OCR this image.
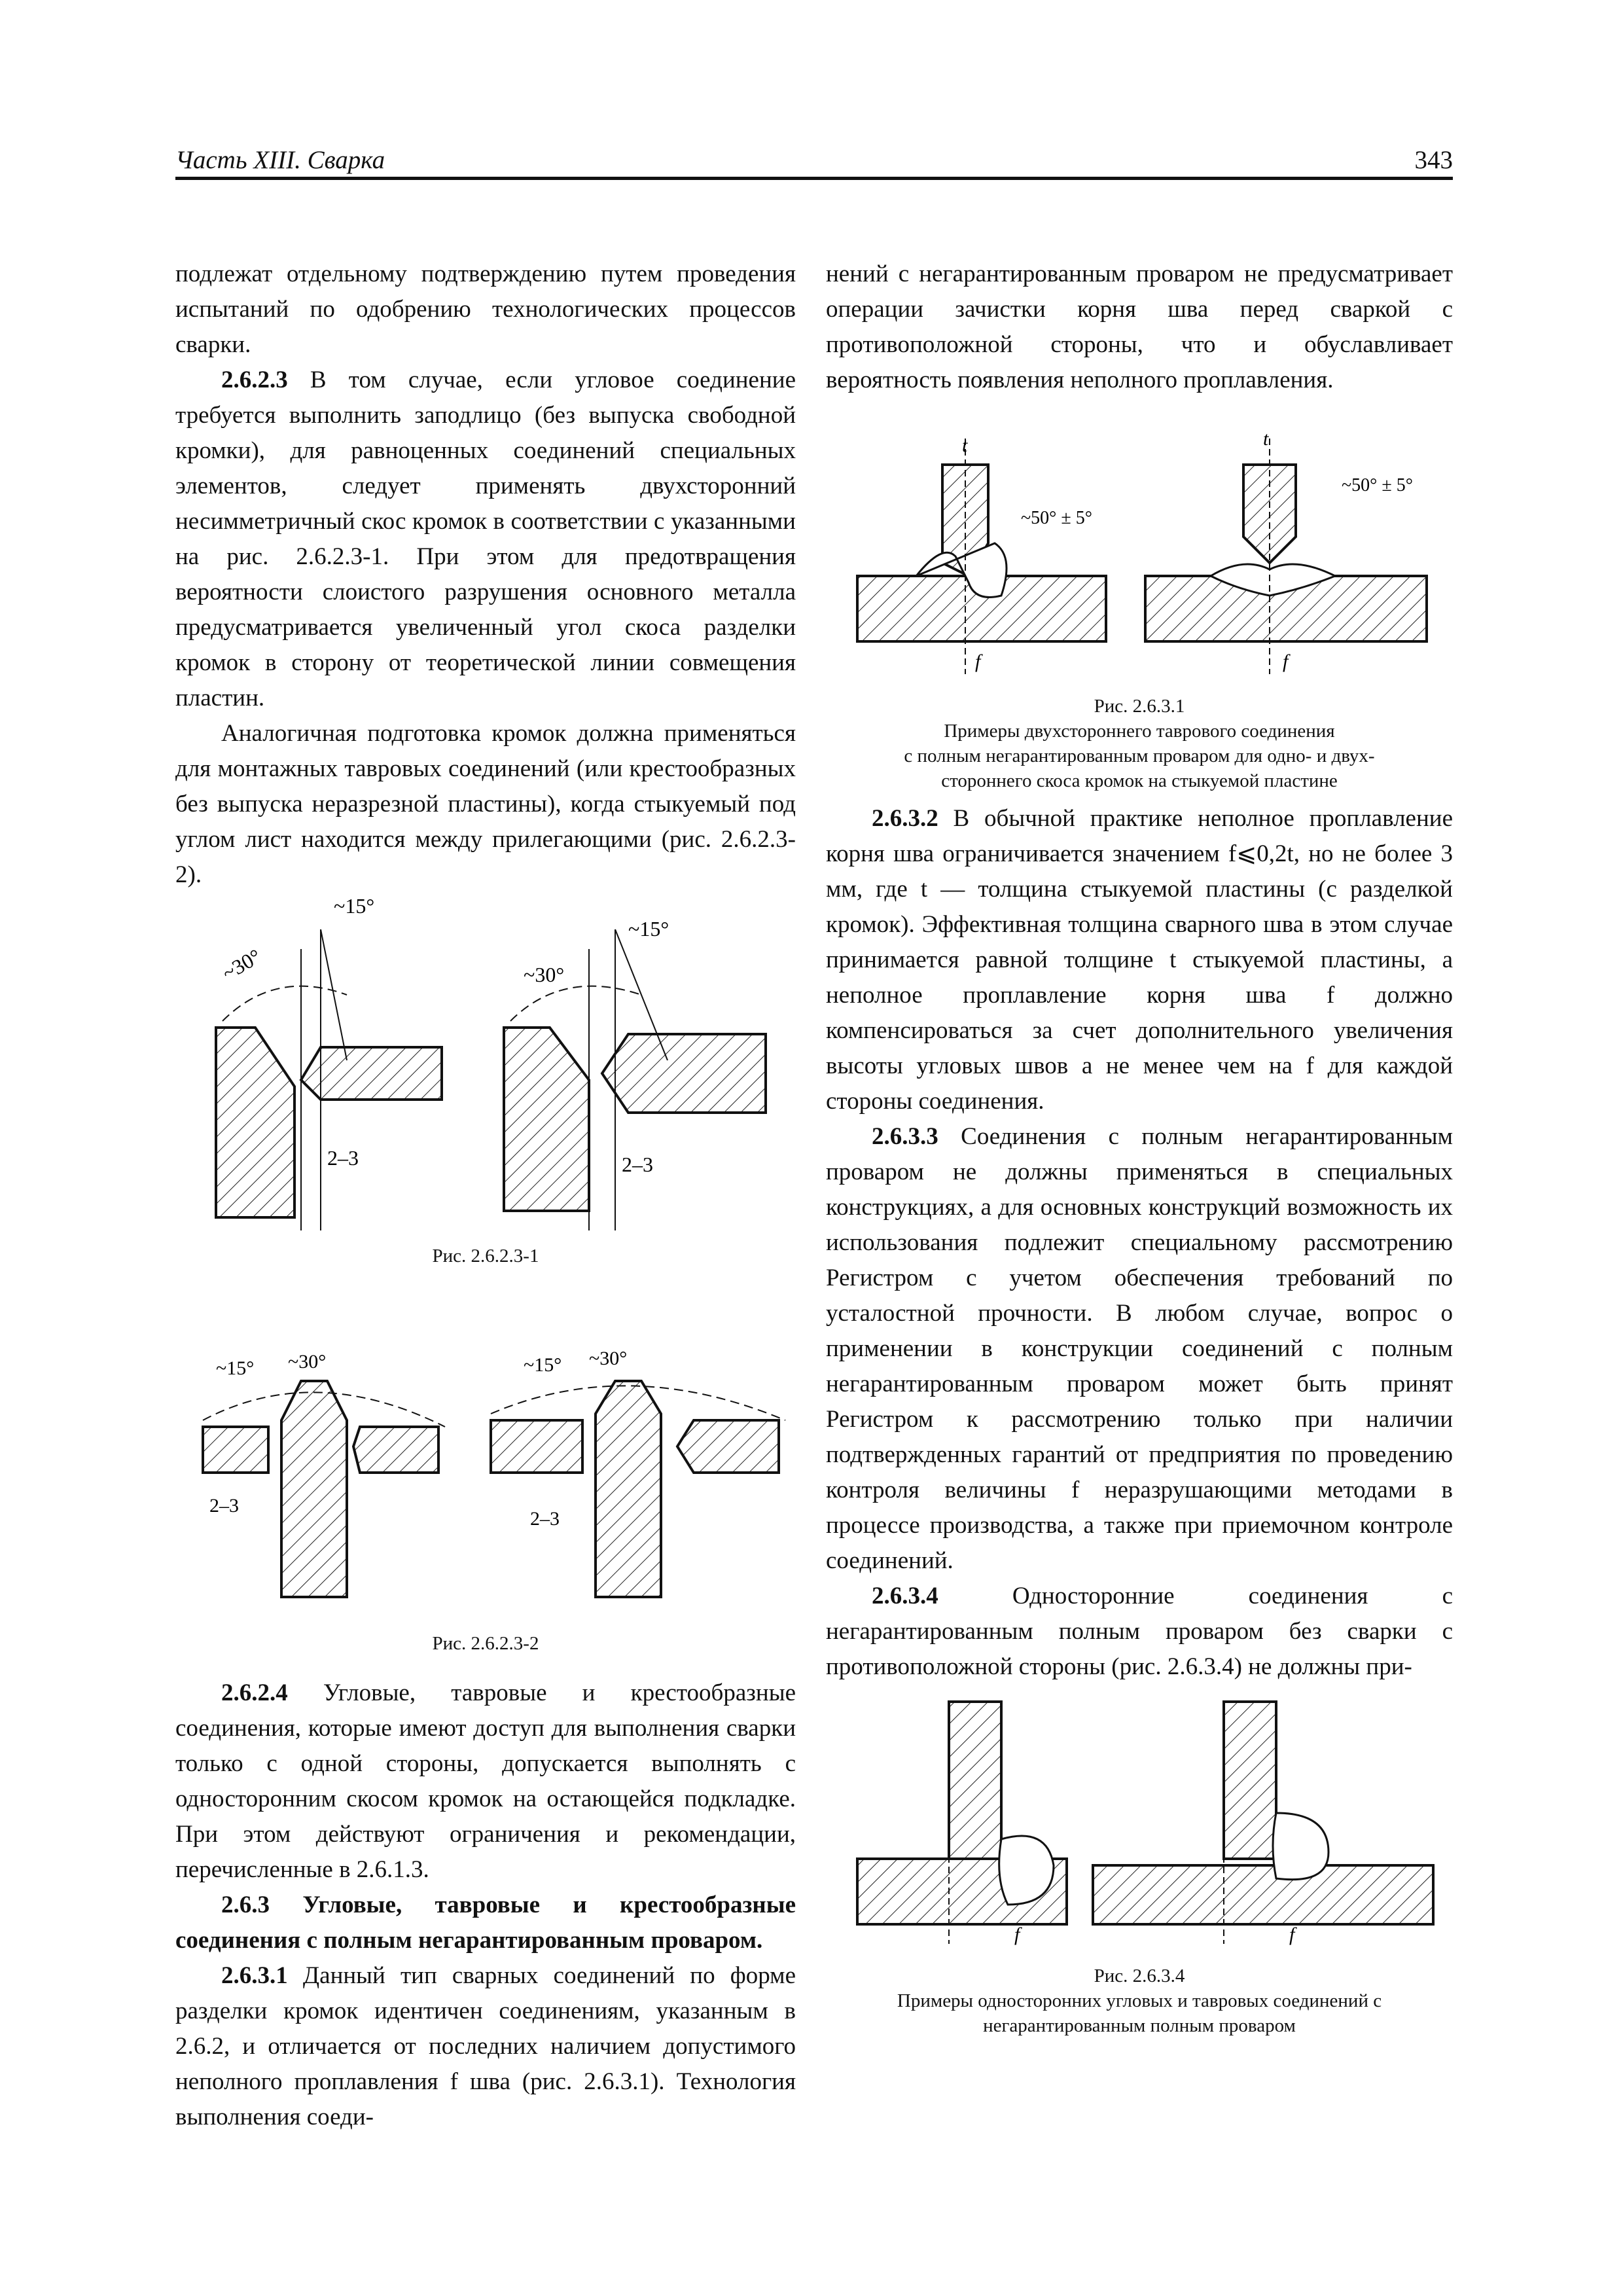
Часть XIII. Сварка	343

подлежат отдельному подтверждению путем проведения испытаний по одобрению технологических процессов сварки.

2.6.2.3 В том случае, если угловое соединение требуется выполнить заподлицо (без выпуска свободной кромки), для равноценных соединений специальных элементов, следует применять двухсторонний несимметричный скос кромок в соответствии с указанными на рис. 2.6.2.3-1. При этом для предотвращения вероятности слоистого разрушения основного металла предусматривается увеличенный угол скоса разделки кромок в сторону от теоретической линии совмещения пластин.

Аналогичная подготовка кромок должна применяться для монтажных тавровых соединений (или крестообразных без выпуска неразрезной пластины), когда стыкуемый под углом лист находится между прилегающими (рис. 2.6.2.3-2).

~30°
~15°
2–3
~30°
~15°
2–3
Рис. 2.6.2.3-1
~15° ~30°
2–3
~15° ~30°
2–3
Рис. 2.6.2.3-2

2.6.2.4 Угловые, тавровые и крестообразные соединения, которые имеют доступ для выполнения сварки только с одной стороны, допускается выполнять с односторонним скосом кромок на остающейся подкладке. При этом действуют ограничения и рекомендации, перечисленные в 2.6.1.3.

2.6.3 Угловые, тавровые и крестообразные соединения с полным негарантированным проваром.

2.6.3.1 Данный тип сварных соединений по форме разделки кромок идентичен соединениям, указанным в 2.6.2, и отличается от последних наличием допустимого неполного проплавления f шва (рис. 2.6.3.1). Технология выполнения соеди-

нений с негарантированным проваром не предусматривает операции зачистки корня шва перед сваркой с противоположной стороны, что и обуславливает вероятность появления неполного проплавления.

t
~50° ± 5°
f
t
~50° ± 5°
f
Рис. 2.6.3.1
Примеры двухстороннего таврового соединения
с полным негарантированным проваром для одно- и двух-
стороннего скоса кромок на стыкуемой пластине

2.6.3.2 В обычной практике неполное проплавление корня шва ограничивается значением f⩽0,2t, но не более 3 мм, где t — толщина стыкуемой пластины (с разделкой кромок). Эффективная толщина сварного шва в этом случае принимается равной толщине t стыкуемой пластины, а неполное проплавление корня шва f должно компенсироваться за счет дополнительного увеличения высоты угловых швов a не менее чем на f для каждой стороны соединения.

2.6.3.3 Соединения с полным негарантированным проваром не должны применяться в специальных конструкциях, а для основных конструкций возможность их использования подлежит специальному рассмотрению Регистром с учетом обеспечения требований по усталостной прочности. В любом случае, вопрос о применении в конструкции соединений с полным негарантированным проваром может быть принят Регистром к рассмотрению только при наличии подтвержденных гарантий от предприятия по проведению контроля величины f неразрушающими методами в процессе производства, а также при приемочном контроле соединений.

2.6.3.4 Односторонние соединения с негарантированным полным проваром без сварки с противоположной стороны (рис. 2.6.3.4) не должны при-

f	f
Рис. 2.6.3.4
Примеры односторонних угловых и тавровых соединений с
негарантированным полным проваром
